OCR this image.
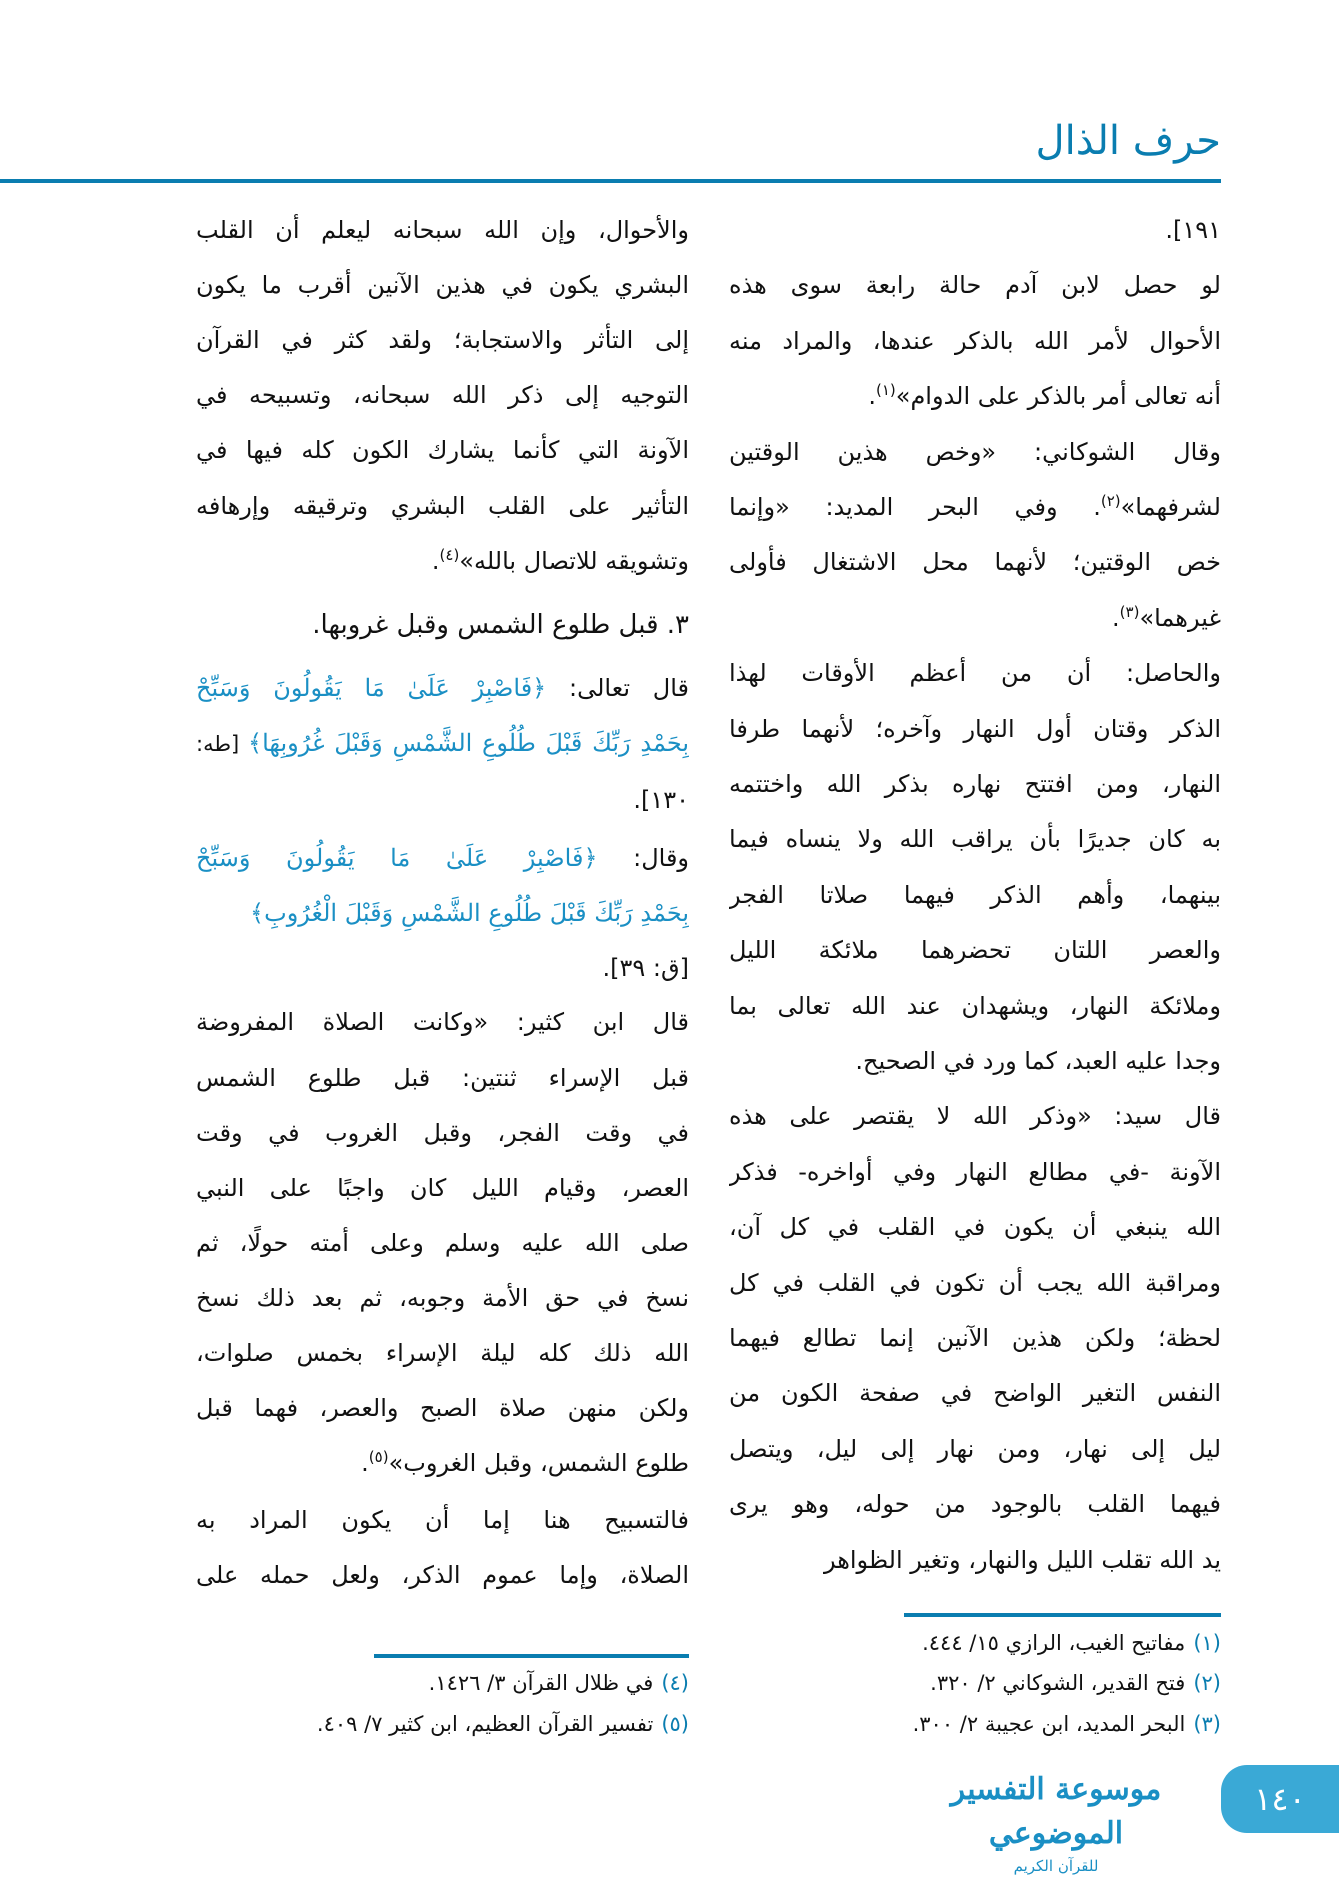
حرف الذال
١٩١].
لو حصل لابن آدم حالة رابعة سوى هذه
الأحوال لأمر الله بالذكر عندها، والمراد منه
أنه تعالى أمر بالذكر على الدوام»$^{(١)}$.
وقال الشوكاني: «وخص هذين الوقتين
لشرفهما»$^{(٢)}$. وفي البحر المديد: «وإنما
خص الوقتين؛ لأنهما محل الاشتغال فأولى
غيرهما»$^{(٣)}$.
والحاصل: أن من أعظم الأوقات لهذا
الذكر وقتان أول النهار وآخره؛ لأنهما طرفا
النهار، ومن افتتح نهاره بذكر الله واختتمه
به كان جديرًا بأن يراقب الله ولا ينساه فيما
بينهما، وأهم الذكر فيهما صلاتا الفجر
والعصر اللتان تحضرهما ملائكة الليل
وملائكة النهار، ويشهدان عند الله تعالى بما
وجدا عليه العبد، كما ورد في الصحيح.
قال سيد: «وذكر الله لا يقتصر على هذه
الآونة -في مطالع النهار وفي أواخره- فذكر
الله ينبغي أن يكون في القلب في كل آن،
ومراقبة الله يجب أن تكون في القلب في كل
لحظة؛ ولكن هذين الآنين إنما تطالع فيهما
النفس التغير الواضح في صفحة الكون من
ليل إلى نهار، ومن نهار إلى ليل، ويتصل
فيهما القلب بالوجود من حوله، وهو يرى
يد الله تقلب الليل والنهار، وتغير الظواهر
والأحوال، وإن الله سبحانه ليعلم أن القلب
البشري يكون في هذين الآنين أقرب ما يكون
إلى التأثر والاستجابة؛ ولقد كثر في القرآن
التوجيه إلى ذكر الله سبحانه، وتسبيحه في
الآونة التي كأنما يشارك الكون كله فيها في
التأثير على القلب البشري وترقيقه وإرهافه
وتشويقه للاتصال بالله»$^{(٤)}$.
٣. قبل طلوع الشمس وقبل غروبها.
قال تعالى: ﴿فَاصْبِرْ عَلَىٰ مَا يَقُولُونَ وَسَبِّحْ
بِحَمْدِ رَبِّكَ قَبْلَ طُلُوعِ الشَّمْسِ وَقَبْلَ غُرُوبِهَا﴾ [طه:
١٣٠].
وقال: ﴿فَاصْبِرْ عَلَىٰ مَا يَقُولُونَ وَسَبِّحْ
بِحَمْدِ رَبِّكَ قَبْلَ طُلُوعِ الشَّمْسِ وَقَبْلَ الْغُرُوبِ﴾
[ق: ٣٩].
قال ابن كثير: «وكانت الصلاة المفروضة
قبل الإسراء ثنتين: قبل طلوع الشمس
في وقت الفجر، وقبل الغروب في وقت
العصر، وقيام الليل كان واجبًا على النبي
صلى الله عليه وسلم وعلى أمته حولًا، ثم
نسخ في حق الأمة وجوبه، ثم بعد ذلك نسخ
الله ذلك كله ليلة الإسراء بخمس صلوات،
ولكن منهن صلاة الصبح والعصر، فهما قبل
طلوع الشمس، وقبل الغروب»$^{(٥)}$.
فالتسبيح هنا إما أن يكون المراد به
الصلاة، وإما عموم الذكر، ولعل حمله على
(١)مفاتيح الغيب، الرازي ١٥/ ٤٤٤.
(٢)فتح القدير، الشوكاني ٢/ ٣٢٠.
(٣)البحر المديد، ابن عجيبة ٢/ ٣٠٠.
(٤)في ظلال القرآن ٣/ ١٤٢٦.
(٥)تفسير القرآن العظيم، ابن كثير ٧/ ٤٠٩.
موسوعة التفسير الموضوعي
للقرآن الكريم
١٤٠
